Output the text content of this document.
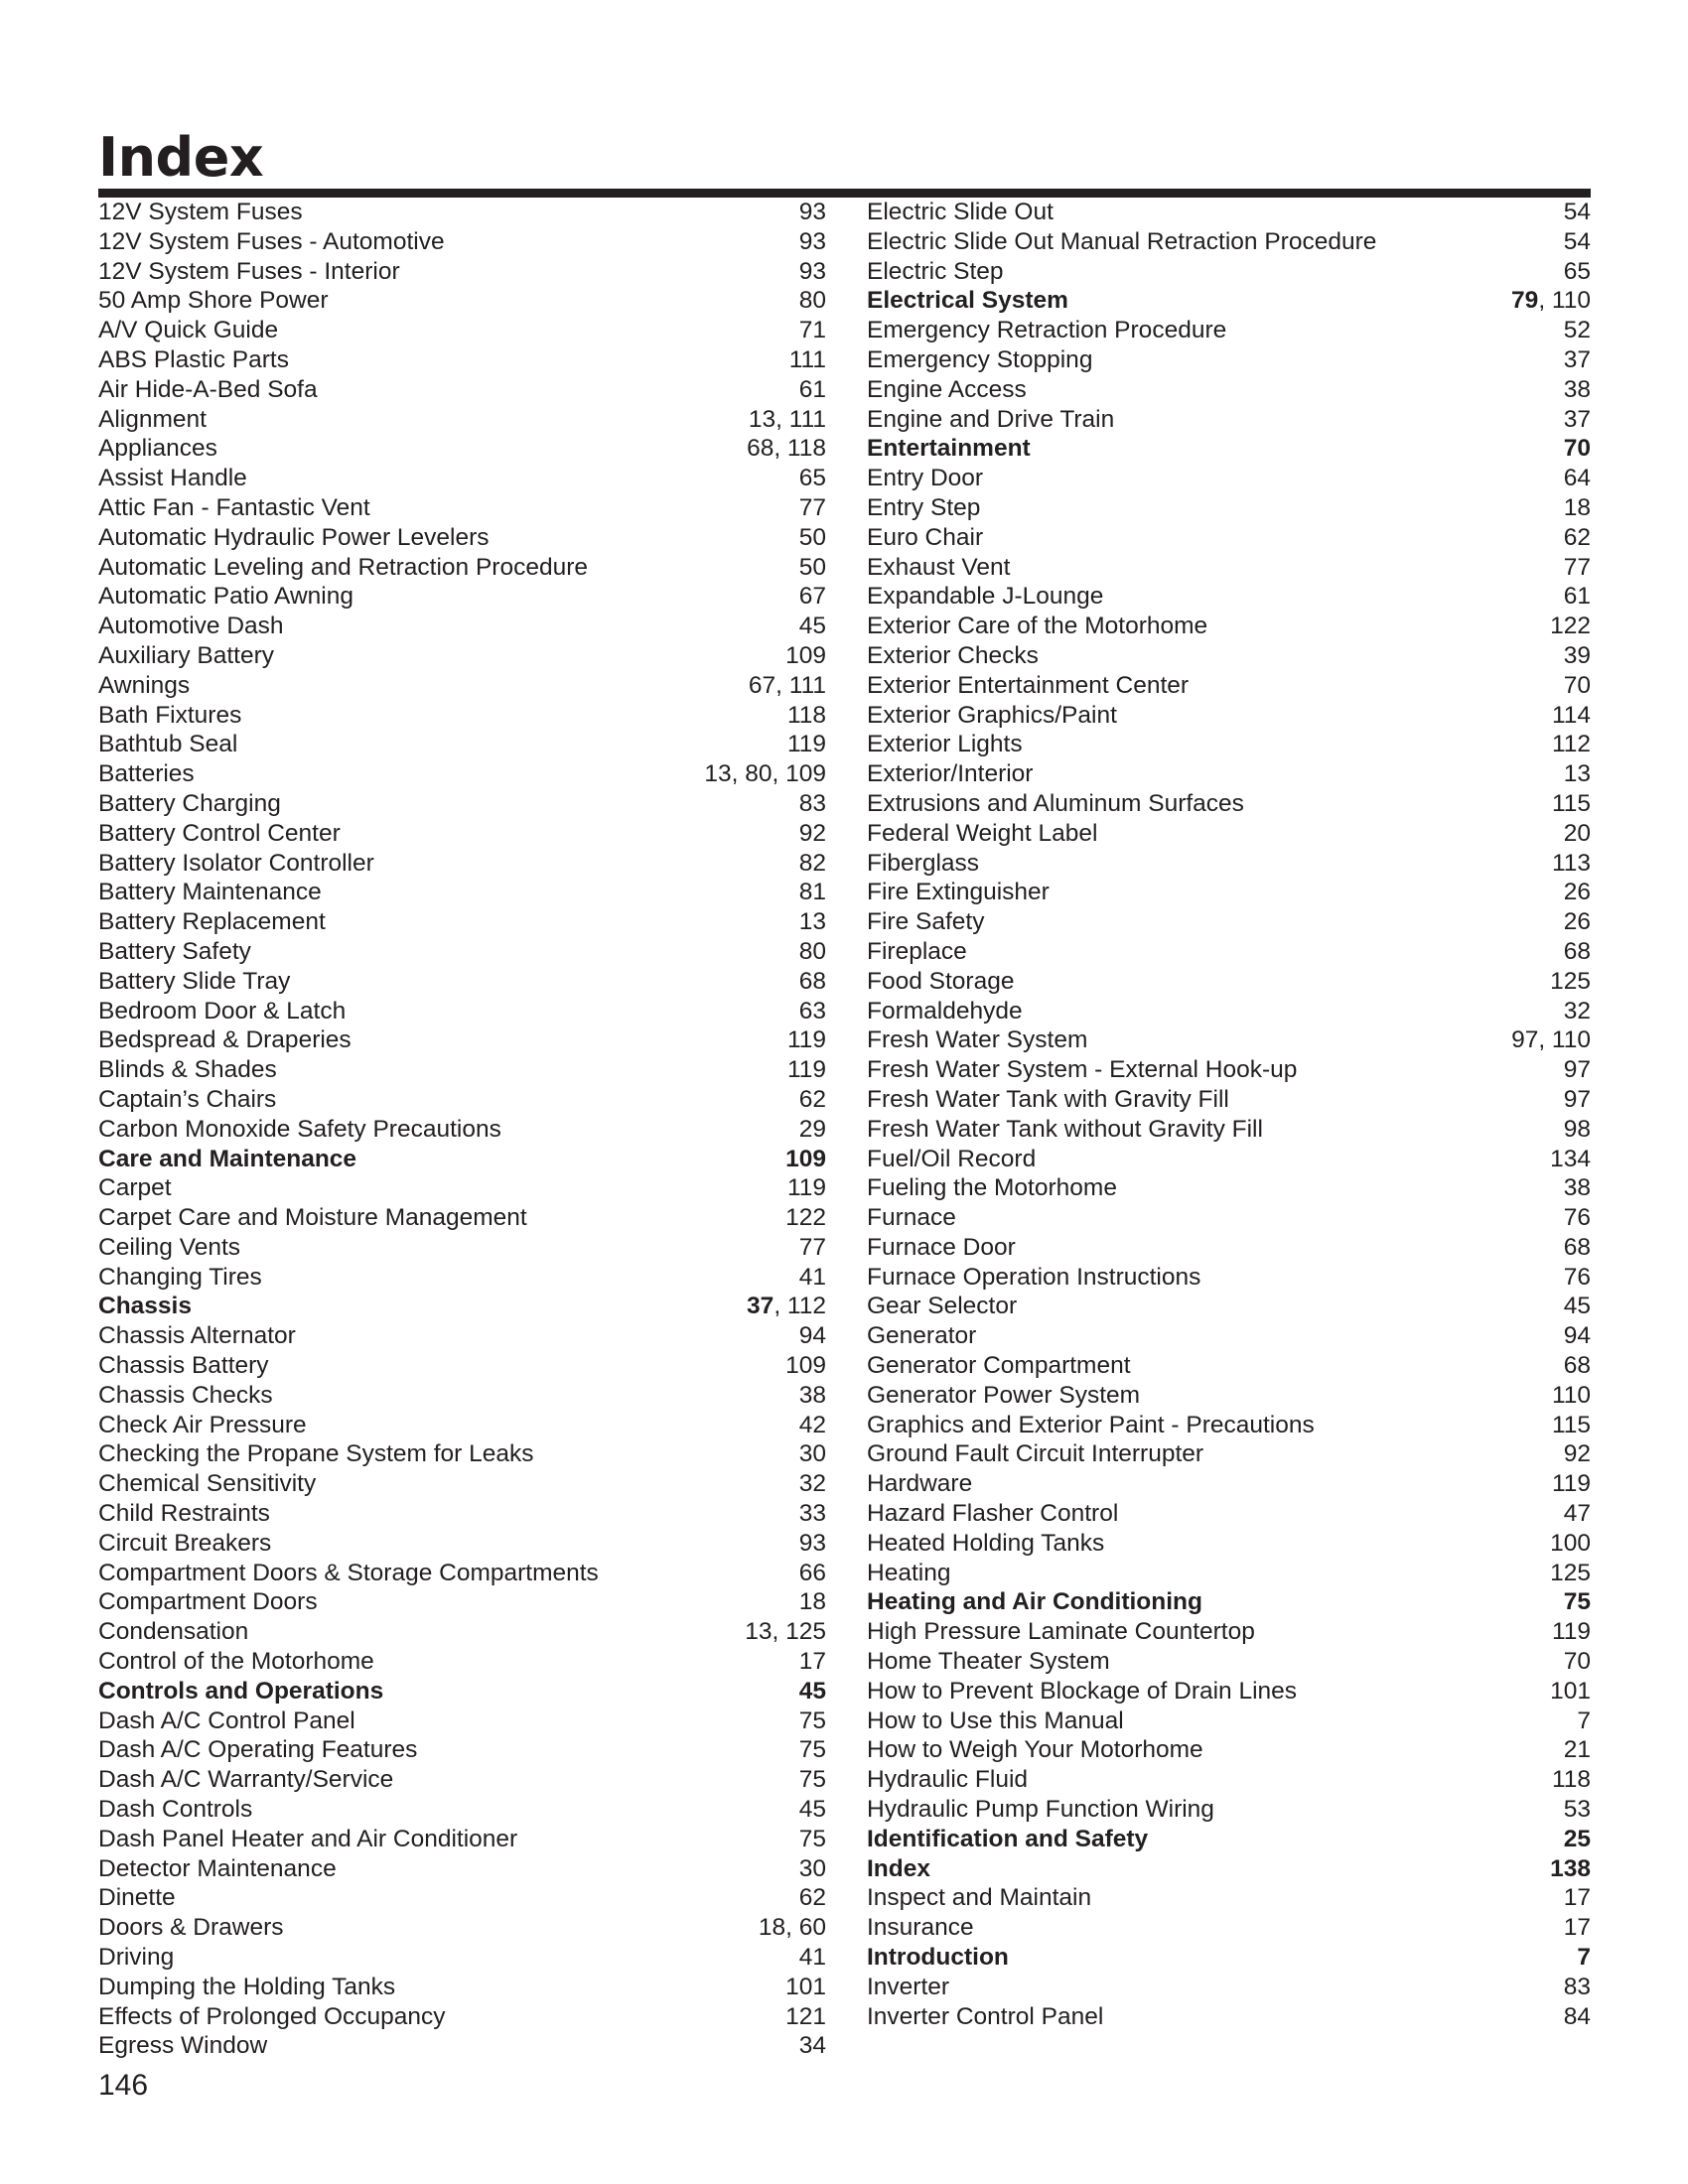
Index
12V System Fuses	93
12V System Fuses - Automotive	93
12V System Fuses - Interior	93
50 Amp Shore Power	80
A/V Quick Guide	71
ABS Plastic Parts	111
Air Hide-A-Bed Sofa	61
Alignment	13, 111
Appliances	68, 118
Assist Handle	65
Attic Fan - Fantastic Vent	77
Automatic Hydraulic Power Levelers	50
Automatic Leveling and Retraction Procedure	50
Automatic Patio Awning	67
Automotive Dash	45
Auxiliary Battery	109
Awnings	67, 111
Bath Fixtures	118
Bathtub Seal	119
Batteries	13, 80, 109
Battery Charging	83
Battery Control Center	92
Battery Isolator Controller	82
Battery Maintenance	81
Battery Replacement	13
Battery Safety	80
Battery Slide Tray	68
Bedroom Door & Latch	63
Bedspread & Draperies	119
Blinds & Shades	119
Captain’s Chairs	62
Carbon Monoxide Safety Precautions	29
Care and Maintenance	109
Carpet	119
Carpet Care and Moisture Management	122
Ceiling Vents	77
Changing Tires	41
Chassis	37, 112
Chassis Alternator	94
Chassis Battery	109
Chassis Checks	38
Check Air Pressure	42
Checking the Propane System for Leaks	30
Chemical Sensitivity	32
Child Restraints	33
Circuit Breakers	93
Compartment Doors & Storage Compartments	66
Compartment Doors	18
Condensation	13, 125
Control of the Motorhome	17
Controls and Operations	45
Dash A/C Control Panel	75
Dash A/C Operating Features	75
Dash A/C Warranty/Service	75
Dash Controls	45
Dash Panel Heater and Air Conditioner	75
Detector Maintenance	30
Dinette	62
Doors & Drawers	18, 60
Driving	41
Dumping the Holding Tanks	101
Effects of Prolonged Occupancy	121
Egress Window	34
Electric Slide Out	54
Electric Slide Out Manual Retraction Procedure	54
Electric Step	65
Electrical System	79, 110
Emergency Retraction Procedure	52
Emergency Stopping	37
Engine Access	38
Engine and Drive Train	37
Entertainment	70
Entry Door	64
Entry Step	18
Euro Chair	62
Exhaust Vent	77
Expandable J-Lounge	61
Exterior Care of the Motorhome	122
Exterior Checks	39
Exterior Entertainment Center	70
Exterior Graphics/Paint	114
Exterior Lights	112
Exterior/Interior	13
Extrusions and Aluminum Surfaces	115
Federal Weight Label	20
Fiberglass	113
Fire Extinguisher	26
Fire Safety	26
Fireplace	68
Food Storage	125
Formaldehyde	32
Fresh Water System	97, 110
Fresh Water System - External Hook-up	97
Fresh Water Tank with Gravity Fill	97
Fresh Water Tank without Gravity Fill	98
Fuel/Oil Record	134
Fueling the Motorhome	38
Furnace	76
Furnace Door	68
Furnace Operation Instructions	76
Gear Selector	45
Generator	94
Generator Compartment	68
Generator Power System	110
Graphics and Exterior Paint - Precautions	115
Ground Fault Circuit Interrupter	92
Hardware	119
Hazard Flasher Control	47
Heated Holding Tanks	100
Heating	125
Heating and Air Conditioning	75
High Pressure Laminate Countertop	119
Home Theater System	70
How to Prevent Blockage of Drain Lines	101
How to Use this Manual	7
How to Weigh Your Motorhome	21
Hydraulic Fluid	118
Hydraulic Pump Function Wiring	53
Identification and Safety	25
Index	138
Inspect and Maintain	17
Insurance	17
Introduction	7
Inverter	83
Inverter Control Panel	84
146
